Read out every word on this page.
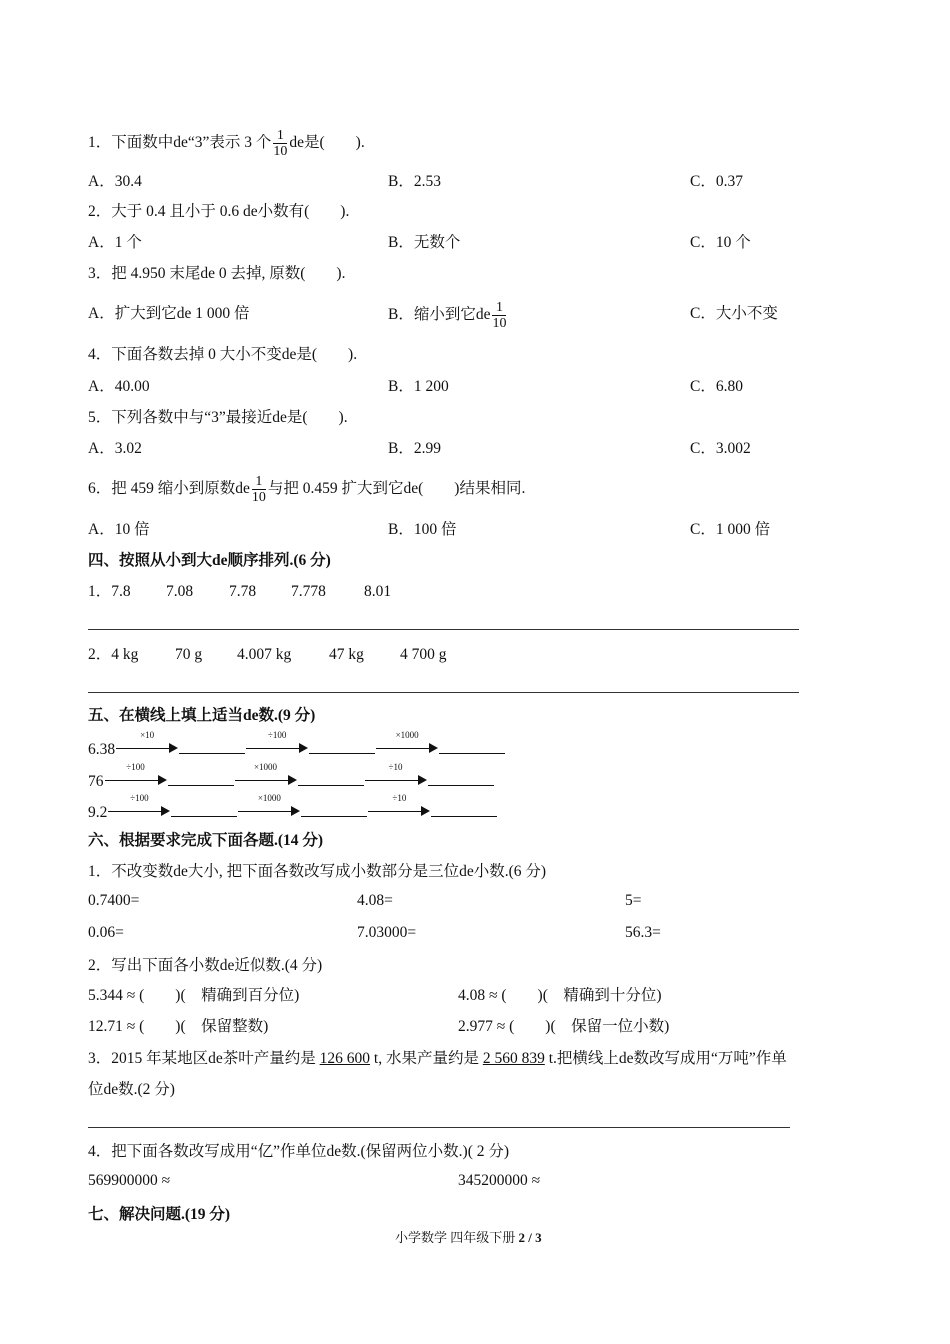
1．下面数中de“3”表示 3 个 $\frac{1}{10}$ de是(　　).
A．30.4	B．2.53	C．0.37
2．大于 0.4 且小于 0.6 de小数有(　　).
A．1 个	B．无数个	C．10 个
3．把 4.950 末尾de 0 去掉, 原数(　　).
A．扩大到它de 1 000 倍	B．缩小到它de $\frac{1}{10}$	C．大小不变
4．下面各数去掉 0 大小不变de是(　　).
A．40.00	B．1 200	C．6.80
5．下列各数中与“3”最接近de是(　　).
A．3.02	B．2.99	C．3.002
6．把 459 缩小到原数de $\frac{1}{10}$ 与把 0.459 扩大到它de(　　)结果相同.
A．10 倍	B．100 倍	C．1 000 倍
四、按照从小到大de顺序排列.(6 分)
1．7.8 7.08 7.78 7.778 8.01
2．4 kg 70 g 4.007 kg 47 kg 4 700 g
五、在横线上填上适当de数.(9 分)
6.38
×10	÷100	×1000
76
÷100	×1000	÷10
9.2
÷100	×1000	÷10
六、根据要求完成下面各题.(14 分)
1．不改变数de大小, 把下面各数改写成小数部分是三位de小数.(6 分)
0.7400=	4.08=	5=
0.06=	7.03000=	56.3=
2．写出下面各小数de近似数.(4 分)
5.344 ≈ (　　)(　精确到百分位)	4.08 ≈ (　　)(　精确到十分位)
12.71 ≈ (　　)(　保留整数)	2.977 ≈ (　　)(　保留一位小数)
3．2015 年某地区de茶叶产量约是 126 600 t, 水果产量约是 2 560 839 t.把横线上de数改写成用“万吨”作单
位de数.(2 分)
4．把下面各数改写成用“亿”作单位de数.(保留两位小数.)( 2 分)
569900000 ≈	345200000 ≈
七、解决问题.(19 分)
小学数学 四年级下册 2 / 3
